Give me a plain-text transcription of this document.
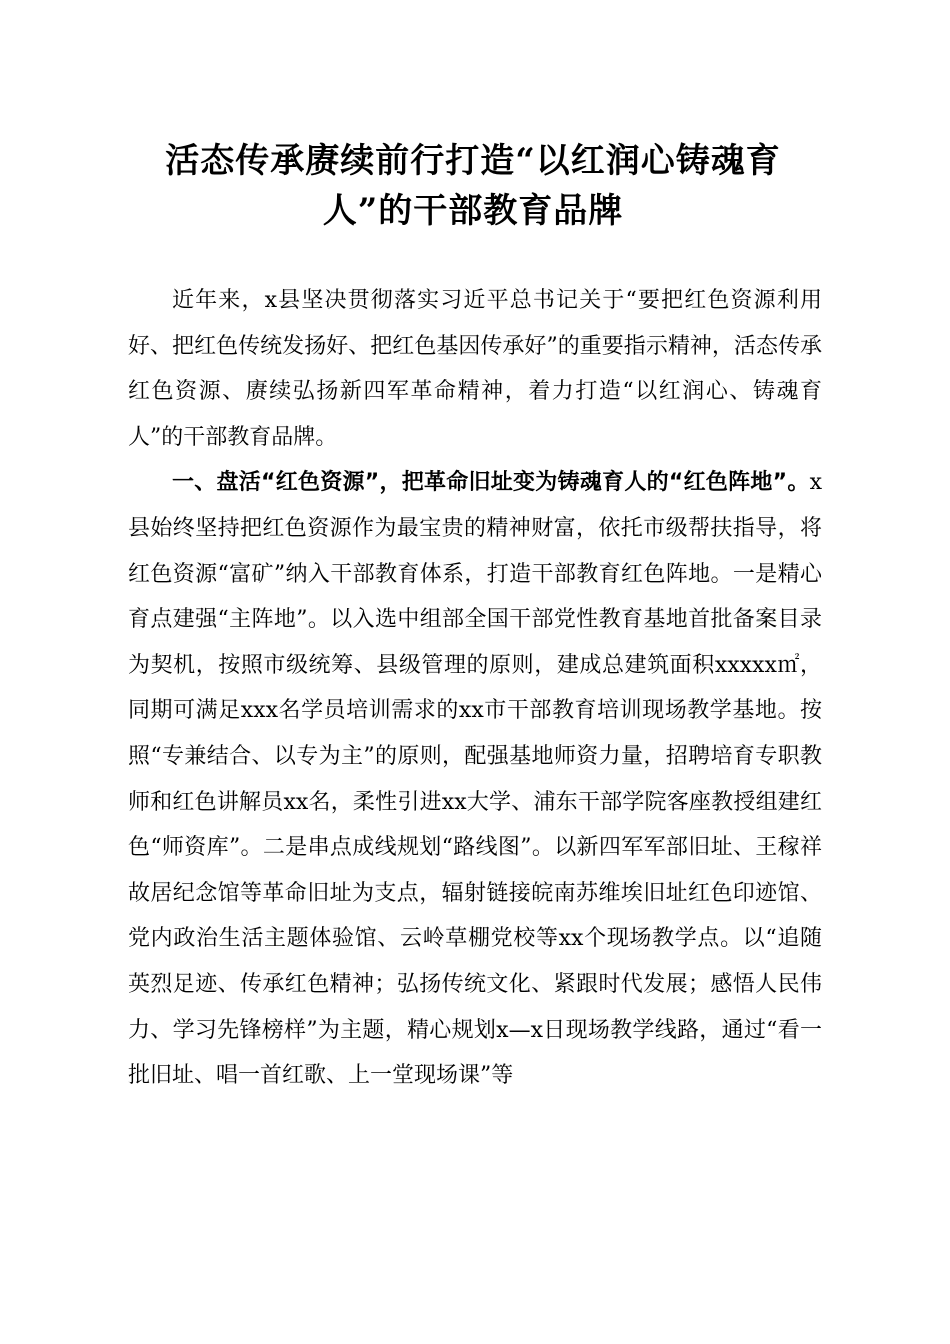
活态传承赓续前行打造“以红润心铸魂育
人”的干部教育品牌

近年来，x县坚决贯彻落实习近平总书记关于“要把红色资源利用好、把红色传统发扬好、把红色基因传承好”的重要指示精神，活态传承红色资源、赓续弘扬新四军革命精神，着力打造“以红润心、铸魂育人”的干部教育品牌。

一、盘活“红色资源”，把革命旧址变为铸魂育人的“红色阵地”。x县始终坚持把红色资源作为最宝贵的精神财富，依托市级帮扶指导，将红色资源“富矿”纳入干部教育体系，打造干部教育红色阵地。一是精心育点建强“主阵地”。以入选中组部全国干部党性教育基地首批备案目录为契机，按照市级统筹、县级管理的原则，建成总建筑面积xxxxx㎡，同期可满足xxx名学员培训需求的xx市干部教育培训现场教学基地。按照“专兼结合、以专为主”的原则，配强基地师资力量，招聘培育专职教师和红色讲解员xx名，柔性引进xx大学、浦东干部学院客座教授组建红色“师资库”。二是串点成线规划“路线图”。以新四军军部旧址、王稼祥故居纪念馆等革命旧址为支点，辐射链接皖南苏维埃旧址红色印迹馆、党内政治生活主题体验馆、云岭草棚党校等xx个现场教学点。以“追随英烈足迹、传承红色精神；弘扬传统文化、紧跟时代发展；感悟人民伟力、学习先锋榜样”为主题，精心规划x—x日现场教学线路，通过“看一批旧址、唱一首红歌、上一堂现场课”等
